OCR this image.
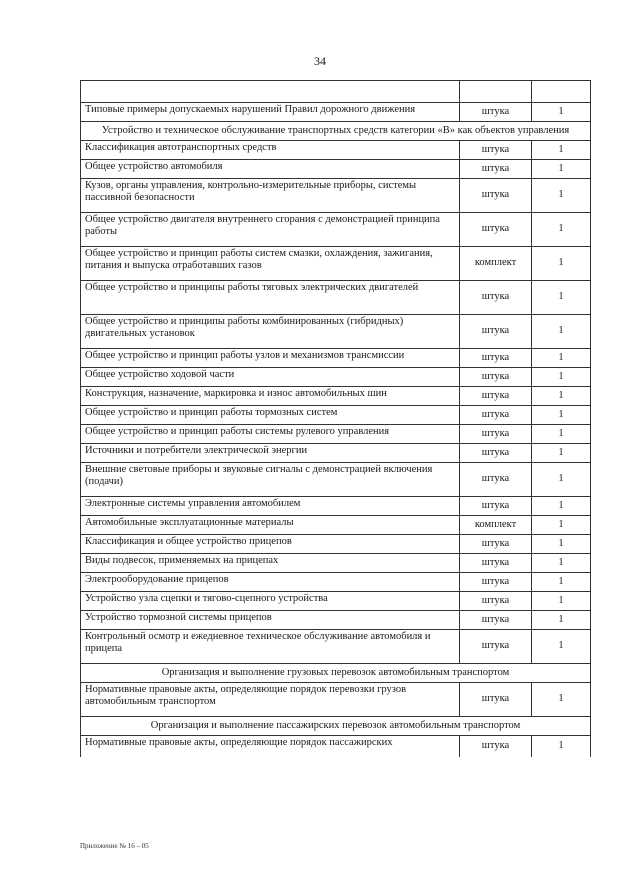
34

Типовые примеры допускаемых нарушений Правил дорожного движения	штука	1
Устройство и техническое обслуживание транспортных средств категории «В» как объектов управления		
Классификация автотранспортных средств	штука	1
Общее устройство автомобиля	штука	1
Кузов, органы управления, контрольно-измерительные приборы, системы пассивной безопасности	штука	1
Общее устройство двигателя внутреннего сгорания с демонстрацией принципа работы	штука	1
Общее устройство и принцип работы систем смазки, охлаждения, зажигания, питания и выпуска отработавших газов	комплект	1
Общее устройство и принципы работы тяговых электрических двигателей	штука	1
Общее устройство и принципы работы комбинированных (гибридных) двигательных установок	штука	1
Общее устройство и принцип работы узлов и механизмов трансмиссии	штука	1
Общее устройство ходовой части	штука	1
Конструкция, назначение, маркировка и износ автомобильных шин	штука	1
Общее устройство и принцип работы тормозных систем	штука	1
Общее устройство и принцип работы системы рулевого управления	штука	1
Источники и потребители электрической энергии	штука	1
Внешние световые приборы и звуковые сигналы с демонстрацией включения (подачи)	штука	1
Электронные системы управления автомобилем	штука	1
Автомобильные эксплуатационные материалы	комплект	1
Классификация и общее устройство прицепов	штука	1
Виды подвесок, применяемых на прицепах	штука	1
Электрооборудование прицепов	штука	1
Устройство узла сцепки и тягово-сцепного устройства	штука	1
Устройство тормозной системы прицепов	штука	1
Контрольный осмотр и ежедневное техническое обслуживание автомобиля и прицепа	штука	1
Организация и выполнение грузовых перевозок автомобильным транспортом		
Нормативные правовые акты, определяющие порядок перевозки грузов автомобильным транспортом	штука	1
Организация и выполнение пассажирских перевозок автомобильным транспортом		
Нормативные правовые акты, определяющие порядок пассажирских	штука	1
Приложение № 16 – 05
